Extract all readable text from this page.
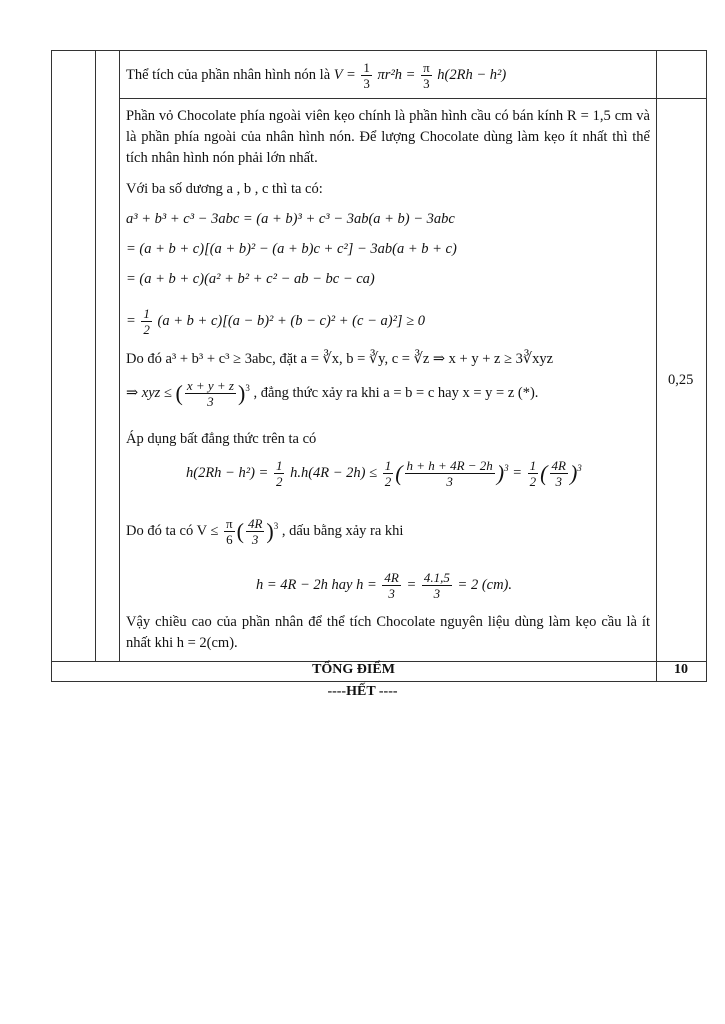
Thể tích của phần nhân hình nón là $V = \frac{1}{3} \pi r^2h = \frac{\pi}{3} h(2Rh - h^2)$
Phần vỏ Chocolate phía ngoài viên kẹo chính là phần hình cầu có bán kính R = 1,5 cm và là phần phía ngoài của nhân hình nón. Để lượng Chocolate dùng làm kẹo ít nhất thì thể tích nhân hình nón phải lớn nhất.
Với ba số dương a , b , c thì ta có:
a³ + b³ + c³ − 3abc = (a + b)³ + c³ − 3ab(a + b) − 3abc
= (a + b + c)[(a + b)² − (a + b)c + c²] − 3ab(a + b + c)
= (a + b + c)(a² + b² + c² − ab − bc − ca)
= $\frac{1}{2} (a + b + c)[(a - b)^2 + (b - c)^2 + (c - a)^2] \ge 0$
Do đó a³ + b³ + c³ ≥ 3abc, đặt a = ∛x, b = ∛y, c = ∛z ⇒ x + y + z ≥ 3∛xyz
⇒ xyz ≤ ( $\frac{x + y + z}{3} )^3$ , đẳng thức xảy ra khi a = b = c hay x = y = z (*).
Áp dụng bất đẳng thức trên ta có
$h(2Rh - h^2) = \frac{1}{2} h.h(4R - 2h) \le \frac{1}{2}$ ( $\frac{h + h + 4R - 2h}{3} )^3 = \frac{1}{2}$ ( $\frac{4R}{3} )^3$
Do đó ta có $V \le \frac{\pi}{6}$ ( $\frac{4R}{3} )^3$ , dấu bằng xảy ra khi
h = 4R − 2h hay $h = \frac{4R}{3} = \frac{4.1,5}{3} = 2$ (cm).
Vậy chiều cao của phần nhân để thể tích Chocolate nguyên liệu dùng làm kẹo cầu là ít nhất khi h = 2(cm).
0,25
TỔNG ĐIỂM	10
----HẾT ----
